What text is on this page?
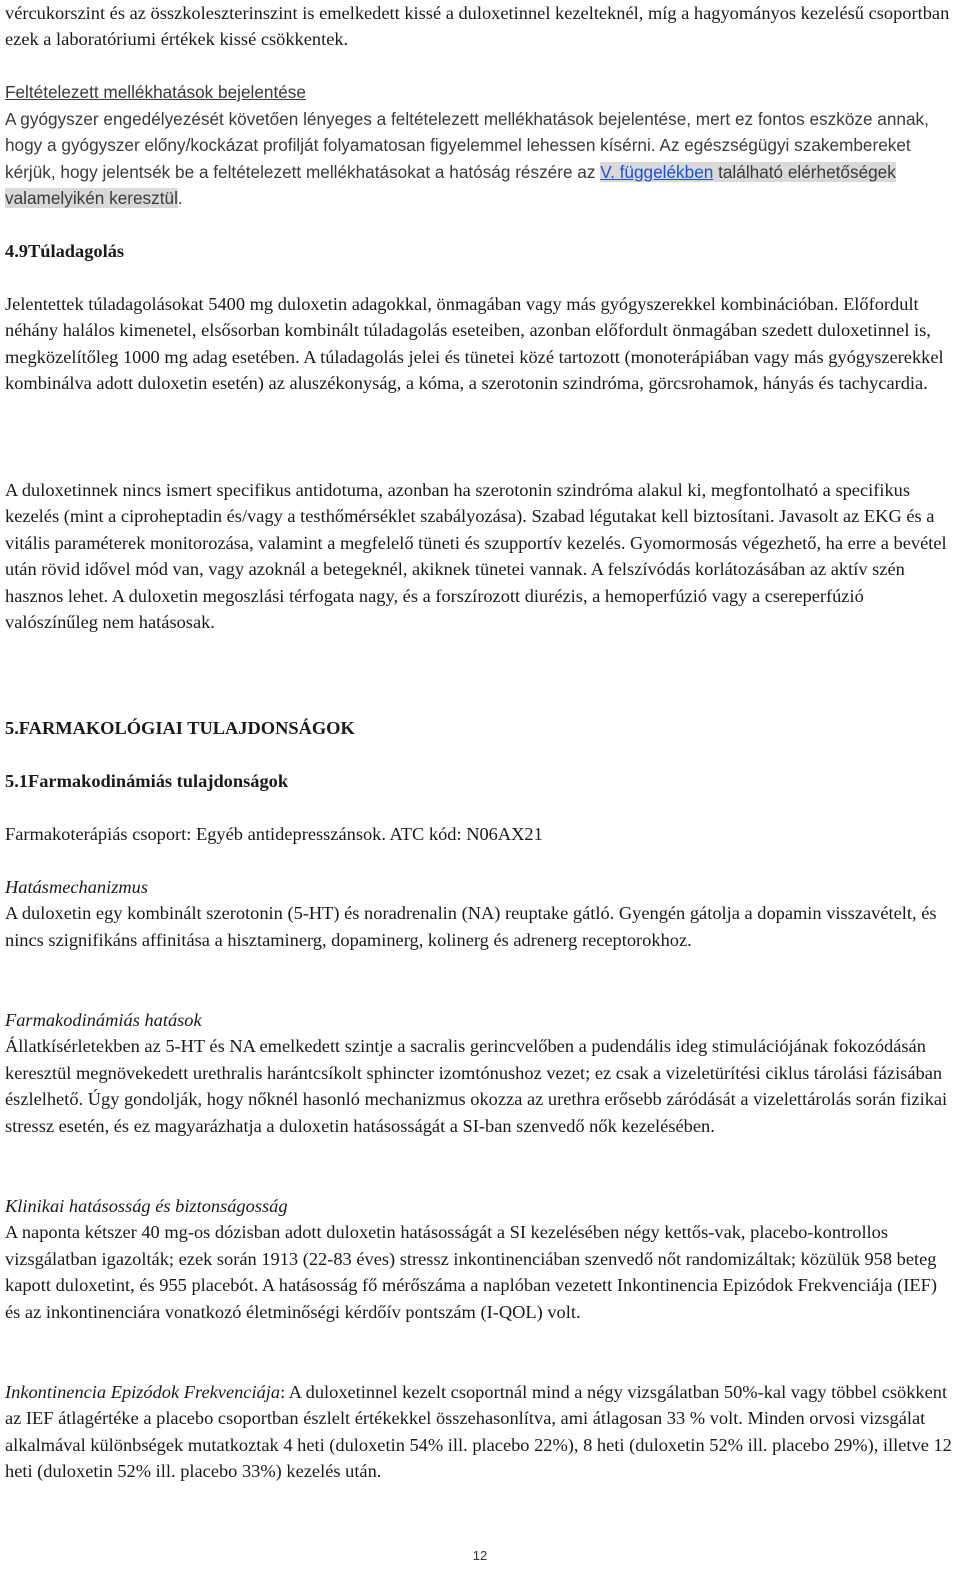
vércukorszint és az összkoleszterinszint is emelkedett kissé a duloxetinnel kezelteknél, míg a hagyományos kezelésű csoportban ezek a laboratóriumi értékek kissé csökkentek.

Feltételezett mellékhatások bejelentése

A gyógyszer engedélyezését követően lényeges a feltételezett mellékhatások bejelentése, mert ez fontos eszköze annak, hogy a gyógyszer előny/kockázat profilját folyamatosan figyelemmel lehessen kísérni. Az egészségügyi szakembereket kérjük, hogy jelentsék be a feltételezett mellékhatásokat a hatóság részére az V. függelékben található elérhetőségek valamelyikén keresztül.

4.9Túladagolás

Jelentettek túladagolásokat 5400 mg duloxetin adagokkal, önmagában vagy más gyógyszerekkel kombinációban. Előfordult néhány halálos kimenetel, elsősorban kombinált túladagolás eseteiben, azonban előfordult önmagában szedett duloxetinnel is, megközelítőleg 1000 mg adag esetében. A túladagolás jelei és tünetei közé tartozott (monoterápiában vagy más gyógyszerekkel kombinálva adott duloxetin esetén) az aluszékonyság, a kóma, a szerotonin szindróma, görcsrohamok, hányás és tachycardia.

A duloxetinnek nincs ismert specifikus antidotuma, azonban ha szerotonin szindróma alakul ki, megfontolható a specifikus kezelés (mint a ciproheptadin és/vagy a testhőmérséklet szabályozása). Szabad légutakat kell biztosítani. Javasolt az EKG és a vitális paraméterek monitorozása, valamint a megfelelő tüneti és szupportív kezelés. Gyomormosás végezhető, ha erre a bevétel után rövid idővel mód van, vagy azoknál a betegeknél, akiknek tünetei vannak. A felszívódás korlátozásában az aktív szén hasznos lehet. A duloxetin megoszlási térfogata nagy, és a forszírozott diurézis, a hemoperfúzió vagy a csereperfúzió valószínűleg nem hatásosak.

5.FARMAKOLÓGIAI TULAJDONSÁGOK

5.1Farmakodinámiás tulajdonságok

Farmakoterápiás csoport: Egyéb antidepresszánsok. ATC kód: N06AX21

Hatásmechanizmus
A duloxetin egy kombinált szerotonin (5-HT) és noradrenalin (NA) reuptake gátló. Gyengén gátolja a dopamin visszavételt, és nincs szignifikáns affinitása a hisztaminerg, dopaminerg, kolinerg és adrenerg receptorokhoz.

Farmakodinámiás hatások
Állatkísérletekben az 5-HT és NA emelkedett szintje a sacralis gerincvelőben a pudendális ideg stimulációjának fokozódásán keresztül megnövekedett urethralis harántcsíkolt sphincter izomtónushoz vezet; ez csak a vizeletürítési ciklus tárolási fázisában észlelhető. Úgy gondolják, hogy nőknél hasonló mechanizmus okozza az urethra erősebb záródását a vizelettárolás során fizikai stressz esetén, és ez magyarázhatja a duloxetin hatásosságát a SI-ban szenvedő nők kezelésében.

Klinikai hatásosság és biztonságosság
A naponta kétszer 40 mg-os dózisban adott duloxetin hatásosságát a SI kezelésében négy kettős-vak, placebo-kontrollos vizsgálatban igazolták; ezek során 1913 (22-83 éves) stressz inkontinenciában szenvedő nőt randomizáltak; közülük 958 beteg kapott duloxetint, és 955 placebót. A hatásosság fő mérőszáma a naplóban vezetett Inkontinencia Epizódok Frekvenciája (IEF) és az inkontinenciára vonatkozó életminőségi kérdőív pontszám (I-QOL) volt.

Inkontinencia Epizódok Frekvenciája: A duloxetinnel kezelt csoportnál mind a négy vizsgálatban 50%-kal vagy többel csökkent az IEF átlagértéke a placebo csoportban észlelt értékekkel összehasonlítva, ami átlagosan 33 % volt. Minden orvosi vizsgálat alkalmával különbségek mutatkoztak 4 heti (duloxetin 54% ill. placebo 22%), 8 heti (duloxetin 52% ill. placebo 29%), illetve 12 heti (duloxetin 52% ill. placebo 33%) kezelés után.

12
